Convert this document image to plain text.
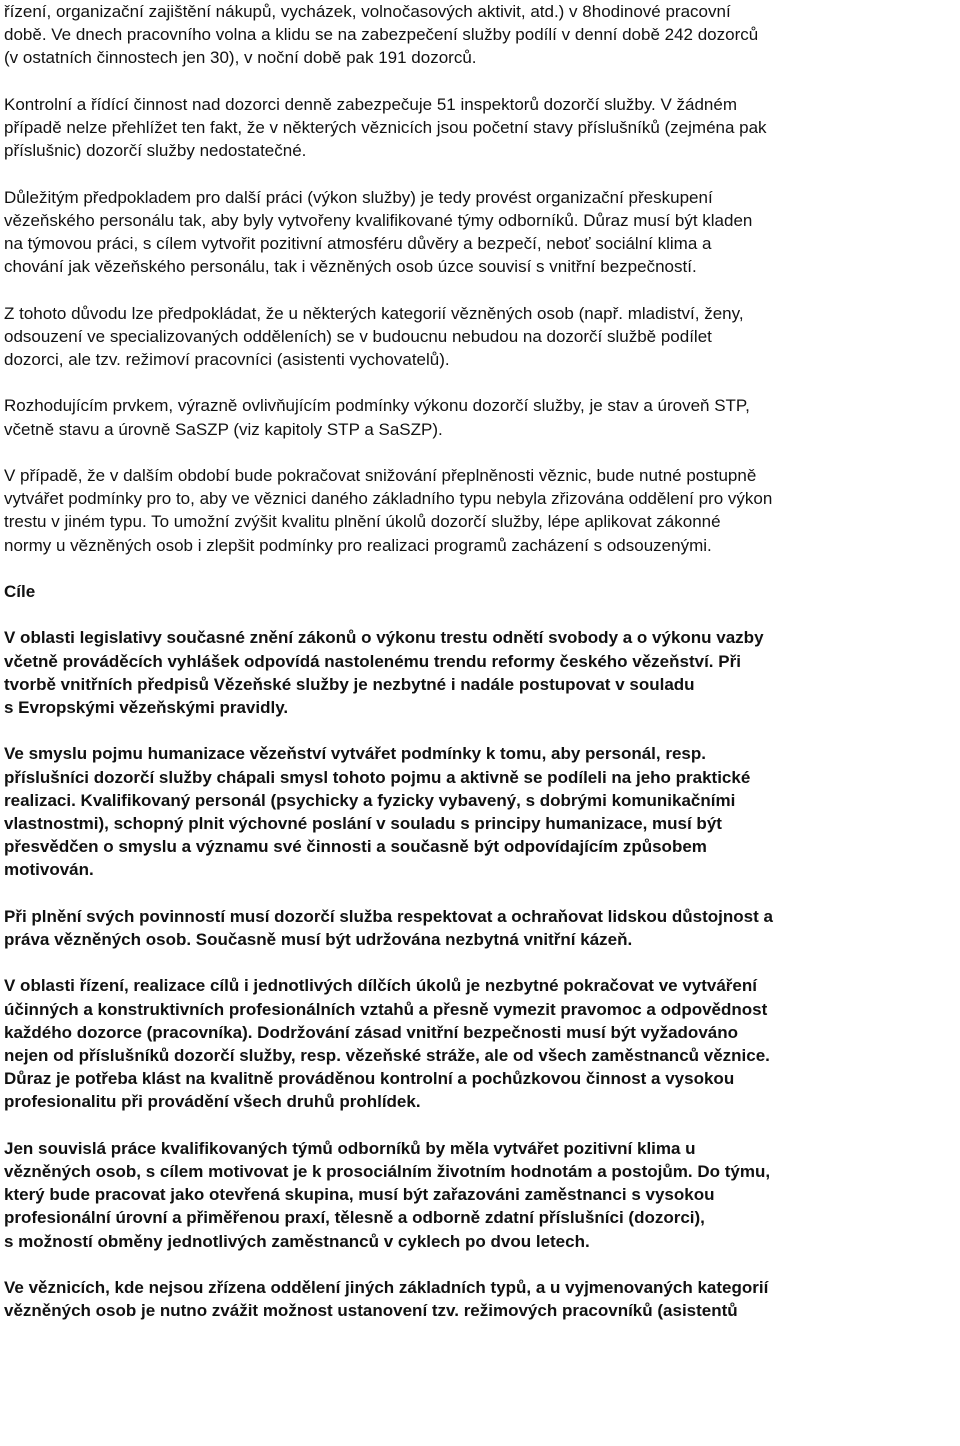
řízení, organizační zajištění nákupů, vycházek, volnočasových aktivit, atd.) v 8hodinové pracovní
době. Ve dnech pracovního volna a klidu se na zabezpečení služby podílí v denní době 242 dozorců
(v ostatních činnostech jen 30), v noční době pak 191 dozorců.
Kontrolní a řídící činnost nad dozorci denně zabezpečuje 51 inspektorů dozorčí služby. V žádném
případě nelze přehlížet ten fakt, že v některých věznicích jsou početní stavy příslušníků (zejména pak
příslušnic) dozorčí služby nedostatečné.
Důležitým předpokladem pro další práci (výkon služby) je tedy provést organizační přeskupení
vězeňského personálu tak, aby byly vytvořeny kvalifikované týmy odborníků. Důraz musí být kladen
na týmovou práci, s cílem vytvořit pozitivní atmosféru důvěry a bezpečí, neboť sociální klima a
chování jak vězeňského personálu, tak i vězněných osob úzce souvisí s vnitřní bezpečností.
Z tohoto důvodu lze předpokládat, že u některých kategorií vězněných osob (např. mladiství, ženy,
odsouzení ve specializovaných odděleních) se v budoucnu nebudou na dozorčí službě podílet
dozorci, ale tzv. režimoví pracovníci (asistenti vychovatelů).
Rozhodujícím prvkem, výrazně ovlivňujícím podmínky výkonu dozorčí služby, je stav a úroveň STP,
včetně stavu a úrovně SaSZP (viz kapitoly STP a SaSZP).
V případě, že v dalším období bude pokračovat snižování přeplněnosti věznic, bude nutné postupně
vytvářet podmínky pro to, aby ve věznici daného základního typu nebyla zřizována oddělení pro výkon
trestu v jiném typu. To umožní zvýšit kvalitu plnění úkolů dozorčí služby, lépe aplikovat zákonné
normy u vězněných osob i zlepšit podmínky pro realizaci programů zacházení s odsouzenými.
Cíle
V oblasti legislativy současné znění zákonů o výkonu trestu odnětí svobody a o výkonu vazby
včetně prováděcích vyhlášek odpovídá nastolenému trendu reformy českého vězeňství. Při
tvorbě vnitřních předpisů Vězeňské služby je nezbytné i nadále postupovat v souladu
s Evropskými vězeňskými pravidly.
Ve smyslu pojmu humanizace vězeňství vytvářet podmínky k tomu, aby personál, resp.
příslušníci dozorčí služby chápali smysl tohoto pojmu a aktivně se podíleli na jeho praktické
realizaci. Kvalifikovaný personál (psychicky a fyzicky vybavený, s dobrými komunikačními
vlastnostmi), schopný plnit výchovné poslání v souladu s principy humanizace, musí být
přesvědčen o smyslu a významu své činnosti a současně být odpovídajícím způsobem
motivován.
Při plnění svých povinností musí dozorčí služba respektovat a ochraňovat lidskou důstojnost a
práva vězněných osob. Současně musí být udržována nezbytná vnitřní kázeň.
V oblasti řízení, realizace cílů i jednotlivých dílčích úkolů je nezbytné pokračovat ve vytváření
účinných a konstruktivních profesionálních vztahů a přesně vymezit pravomoc a odpovědnost
každého dozorce (pracovníka). Dodržování zásad vnitřní bezpečnosti musí být vyžadováno
nejen od příslušníků dozorčí služby, resp. vězeňské stráže, ale od všech zaměstnanců věznice.
Důraz je potřeba klást na kvalitně prováděnou kontrolní a pochůzkovou činnost a vysokou
profesionalitu při provádění všech druhů prohlídek.
Jen souvislá práce kvalifikovaných týmů odborníků by měla vytvářet pozitivní klima u
vězněných osob, s cílem motivovat je k prosociálním životním hodnotám a postojům. Do týmu,
který bude pracovat jako otevřená skupina, musí být zařazováni zaměstnanci s vysokou
profesionální úrovní a přiměřenou praxí, tělesně a odborně zdatní příslušníci (dozorci),
s možností obměny jednotlivých zaměstnanců v cyklech po dvou letech.
Ve věznicích, kde nejsou zřízena oddělení jiných základních typů, a u vyjmenovaných kategorií
vězněných osob je nutno zvážit možnost ustanovení tzv. režimových pracovníků (asistentů
